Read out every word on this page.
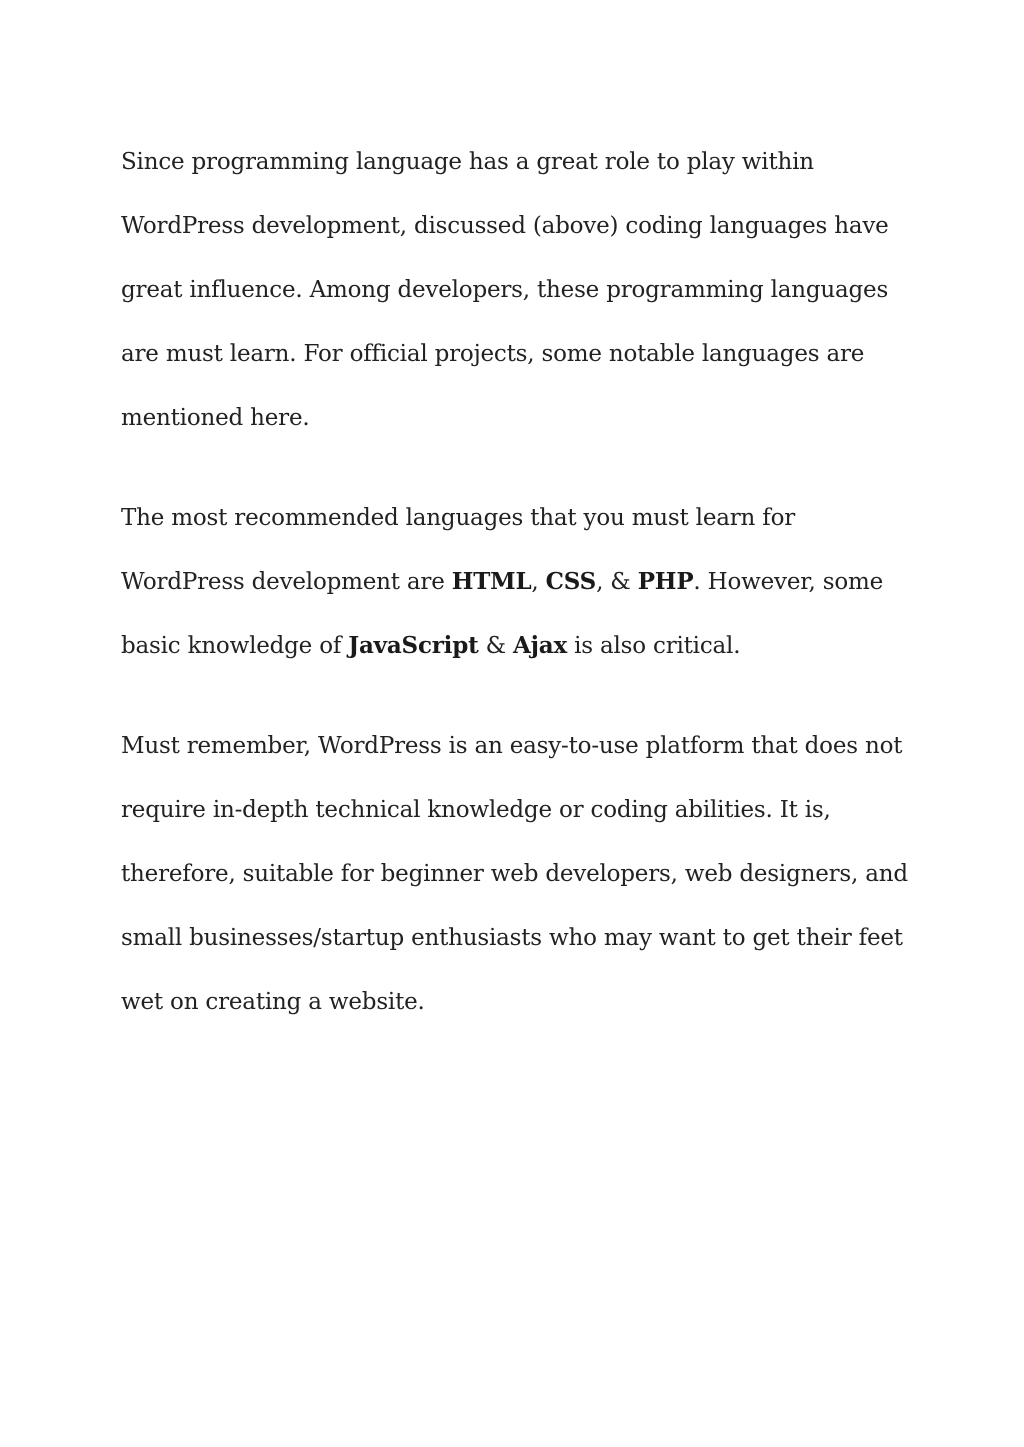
Since programming language has a great role to play within WordPress development, discussed (above) coding languages have great influence. Among developers, these programming languages are must learn. For official projects, some notable languages are mentioned here.

The most recommended languages that you must learn for WordPress development are HTML, CSS, & PHP. However, some basic knowledge of JavaScript & Ajax is also critical.

Must remember, WordPress is an easy-to-use platform that does not require in-depth technical knowledge or coding abilities. It is, therefore, suitable for beginner web developers, web designers, and small businesses/startup enthusiasts who may want to get their feet wet on creating a website.
